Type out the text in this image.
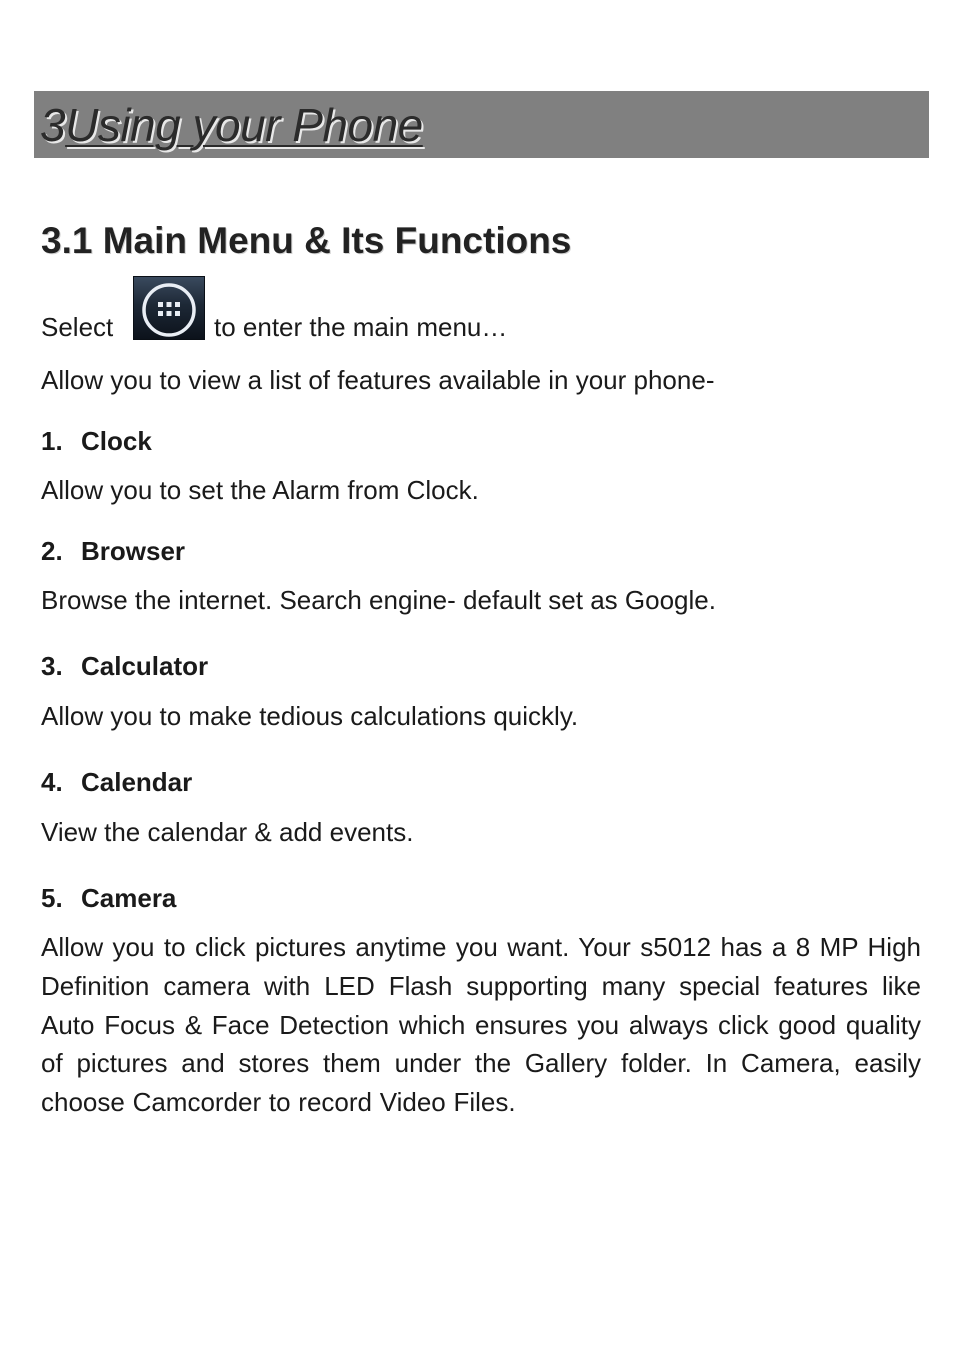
3Using your Phone
3.1 Main Menu & Its Functions

Select	to enter the main menu…

Allow you to view a list of features available in your phone-

1. Clock

Allow you to set the Alarm from Clock.

2. Browser

Browse the internet. Search engine- default set as Google.

3. Calculator

Allow you to make tedious calculations quickly.

4. Calendar

View the calendar & add events.

5. Camera

Allow you to click pictures anytime you want. Your s5012 has a 8 MP High Definition camera with LED Flash supporting many special features like Auto Focus & Face Detection which ensures you always click good quality of pictures and stores them under the Gallery folder. In Camera, easily choose Camcorder to record Video Files.
